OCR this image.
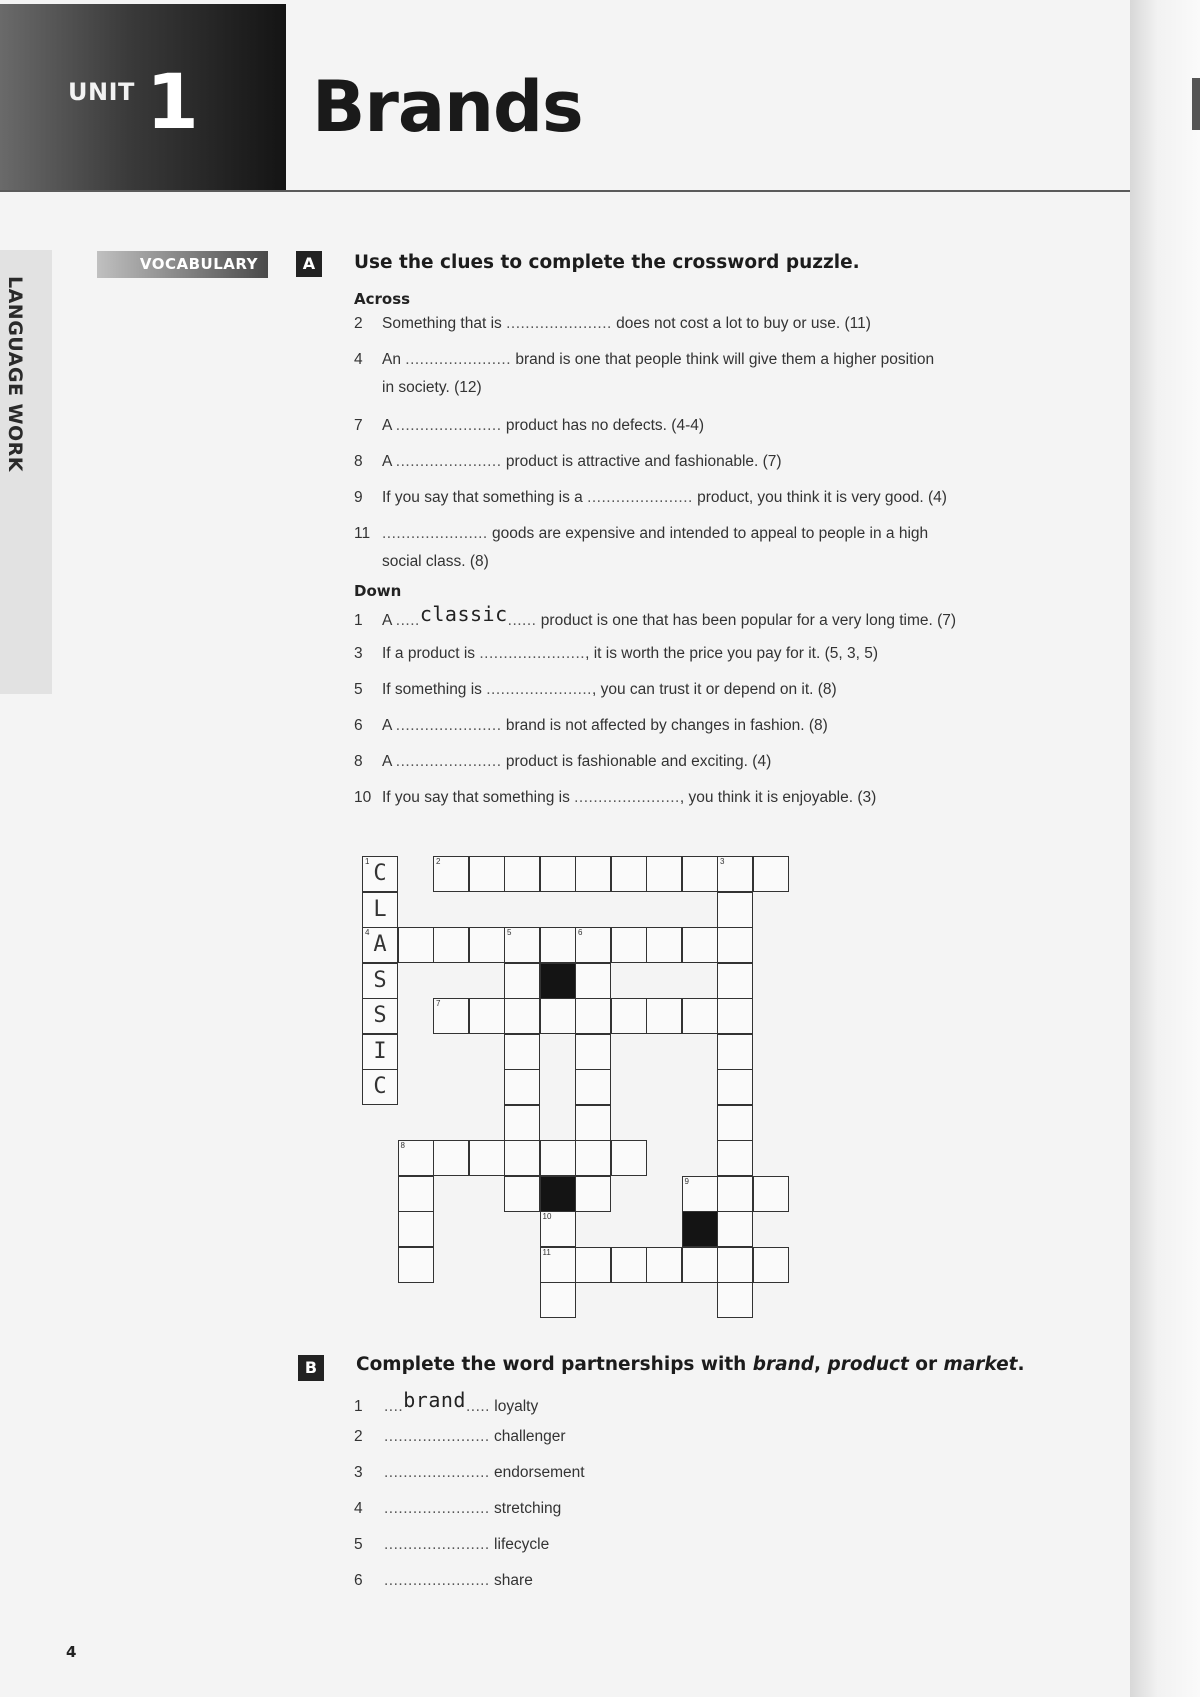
UNIT 1 Brands
LANGUAGE WORK
VOCABULARY	A	Use the clues to complete the crossword puzzle.
Across
2 Something that is ...................... does not cost a lot to buy or use. (11)
4 An ...................... brand is one that people think will give them a higher position
in society. (12)
7 A ...................... product has no defects. (4-4)
8 A ...................... product is attractive and fashionable. (7)
9 If you say that something is a ...................... product, you think it is very good. (4)
11 ...................... goods are expensive and intended to appeal to people in a high
social class. (8)
Down
1 A .....classic...... product is one that has been popular for a very long time. (7)
3 If a product is ......................, it is worth the price you pay for it. (5, 3, 5)
5 If something is ......................, you can trust it or depend on it. (8)
6 A ...................... brand is not affected by changes in fashion. (8)
8 A ...................... product is fashionable and exciting. (4)
10 If you say that something is ......................, you think it is enjoyable. (3)
1 C	2	3
L
4 A	5	6
S
S	7
I
C
8
9
10
11
B	Complete the word partnerships with brand, product or market.
1 ....brand..... loyalty
2 ...................... challenger
3 ...................... endorsement
4 ...................... stretching
5 ...................... lifecycle
6 ...................... share
4
